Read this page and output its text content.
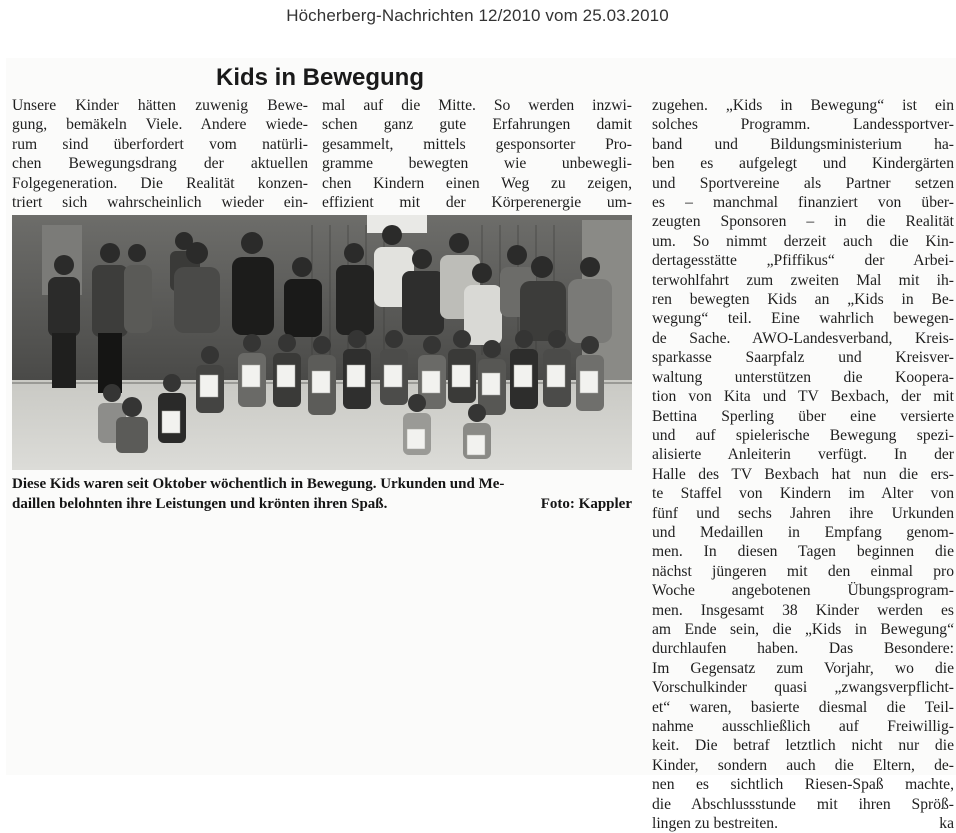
Höcherberg-Nachrichten 12/2010 vom 25.03.2010
Kids in Bewegung
Unsere Kinder hätten zuwenig Bewe-
gung, bemäkeln Viele. Andere wiede-
rum sind überfordert vom natürli-
chen Bewegungsdrang der aktuellen
Folgegeneration. Die Realität konzen-
triert sich wahrscheinlich wieder ein-
mal auf die Mitte. So werden inzwi-
schen ganz gute Erfahrungen damit
gesammelt, mittels gesponsorter Pro-
gramme bewegten wie unbewegli-
chen Kindern einen Weg zu zeigen,
effizient mit der Körperenergie um-
Diese Kids waren seit Oktober wöchentlich in Bewegung. Urkunden und Me-
daillen belohnten ihre Leistungen und krönten ihren Spaß.	Foto: Kappler
zugehen. „Kids in Bewegung“ ist ein
solches Programm. Landessportver-
band und Bildungsministerium ha-
ben es aufgelegt und Kindergärten
und Sportvereine als Partner setzen
es – manchmal finanziert von über-
zeugten Sponsoren – in die Realität
um. So nimmt derzeit auch die Kin-
dertagesstätte „Pfiffikus“ der Arbei-
terwohlfahrt zum zweiten Mal mit ih-
ren bewegten Kids an „Kids in Be-
wegung“ teil. Eine wahrlich bewegen-
de Sache. AWO-Landesverband, Kreis-
sparkasse Saarpfalz und Kreisver-
waltung unterstützen die Koopera-
tion von Kita und TV Bexbach, der mit
Bettina Sperling über eine versierte
und auf spielerische Bewegung spezi-
alisierte Anleiterin verfügt. In der
Halle des TV Bexbach hat nun die ers-
te Staffel von Kindern im Alter von
fünf und sechs Jahren ihre Urkunden
und Medaillen in Empfang genom-
men. In diesen Tagen beginnen die
nächst jüngeren mit den einmal pro
Woche angebotenen Übungsprogram-
men. Insgesamt 38 Kinder werden es
am Ende sein, die „Kids in Bewegung“
durchlaufen haben. Das Besondere:
Im Gegensatz zum Vorjahr, wo die
Vorschulkinder quasi „zwangsverpflicht-
et“ waren, basierte diesmal die Teil-
nahme ausschließlich auf Freiwillig-
keit. Die betraf letztlich nicht nur die
Kinder, sondern auch die Eltern, de-
nen es sichtlich Riesen-Spaß machte,
die Abschlussstunde mit ihren Spröß-
lingen zu bestreiten.	ka
